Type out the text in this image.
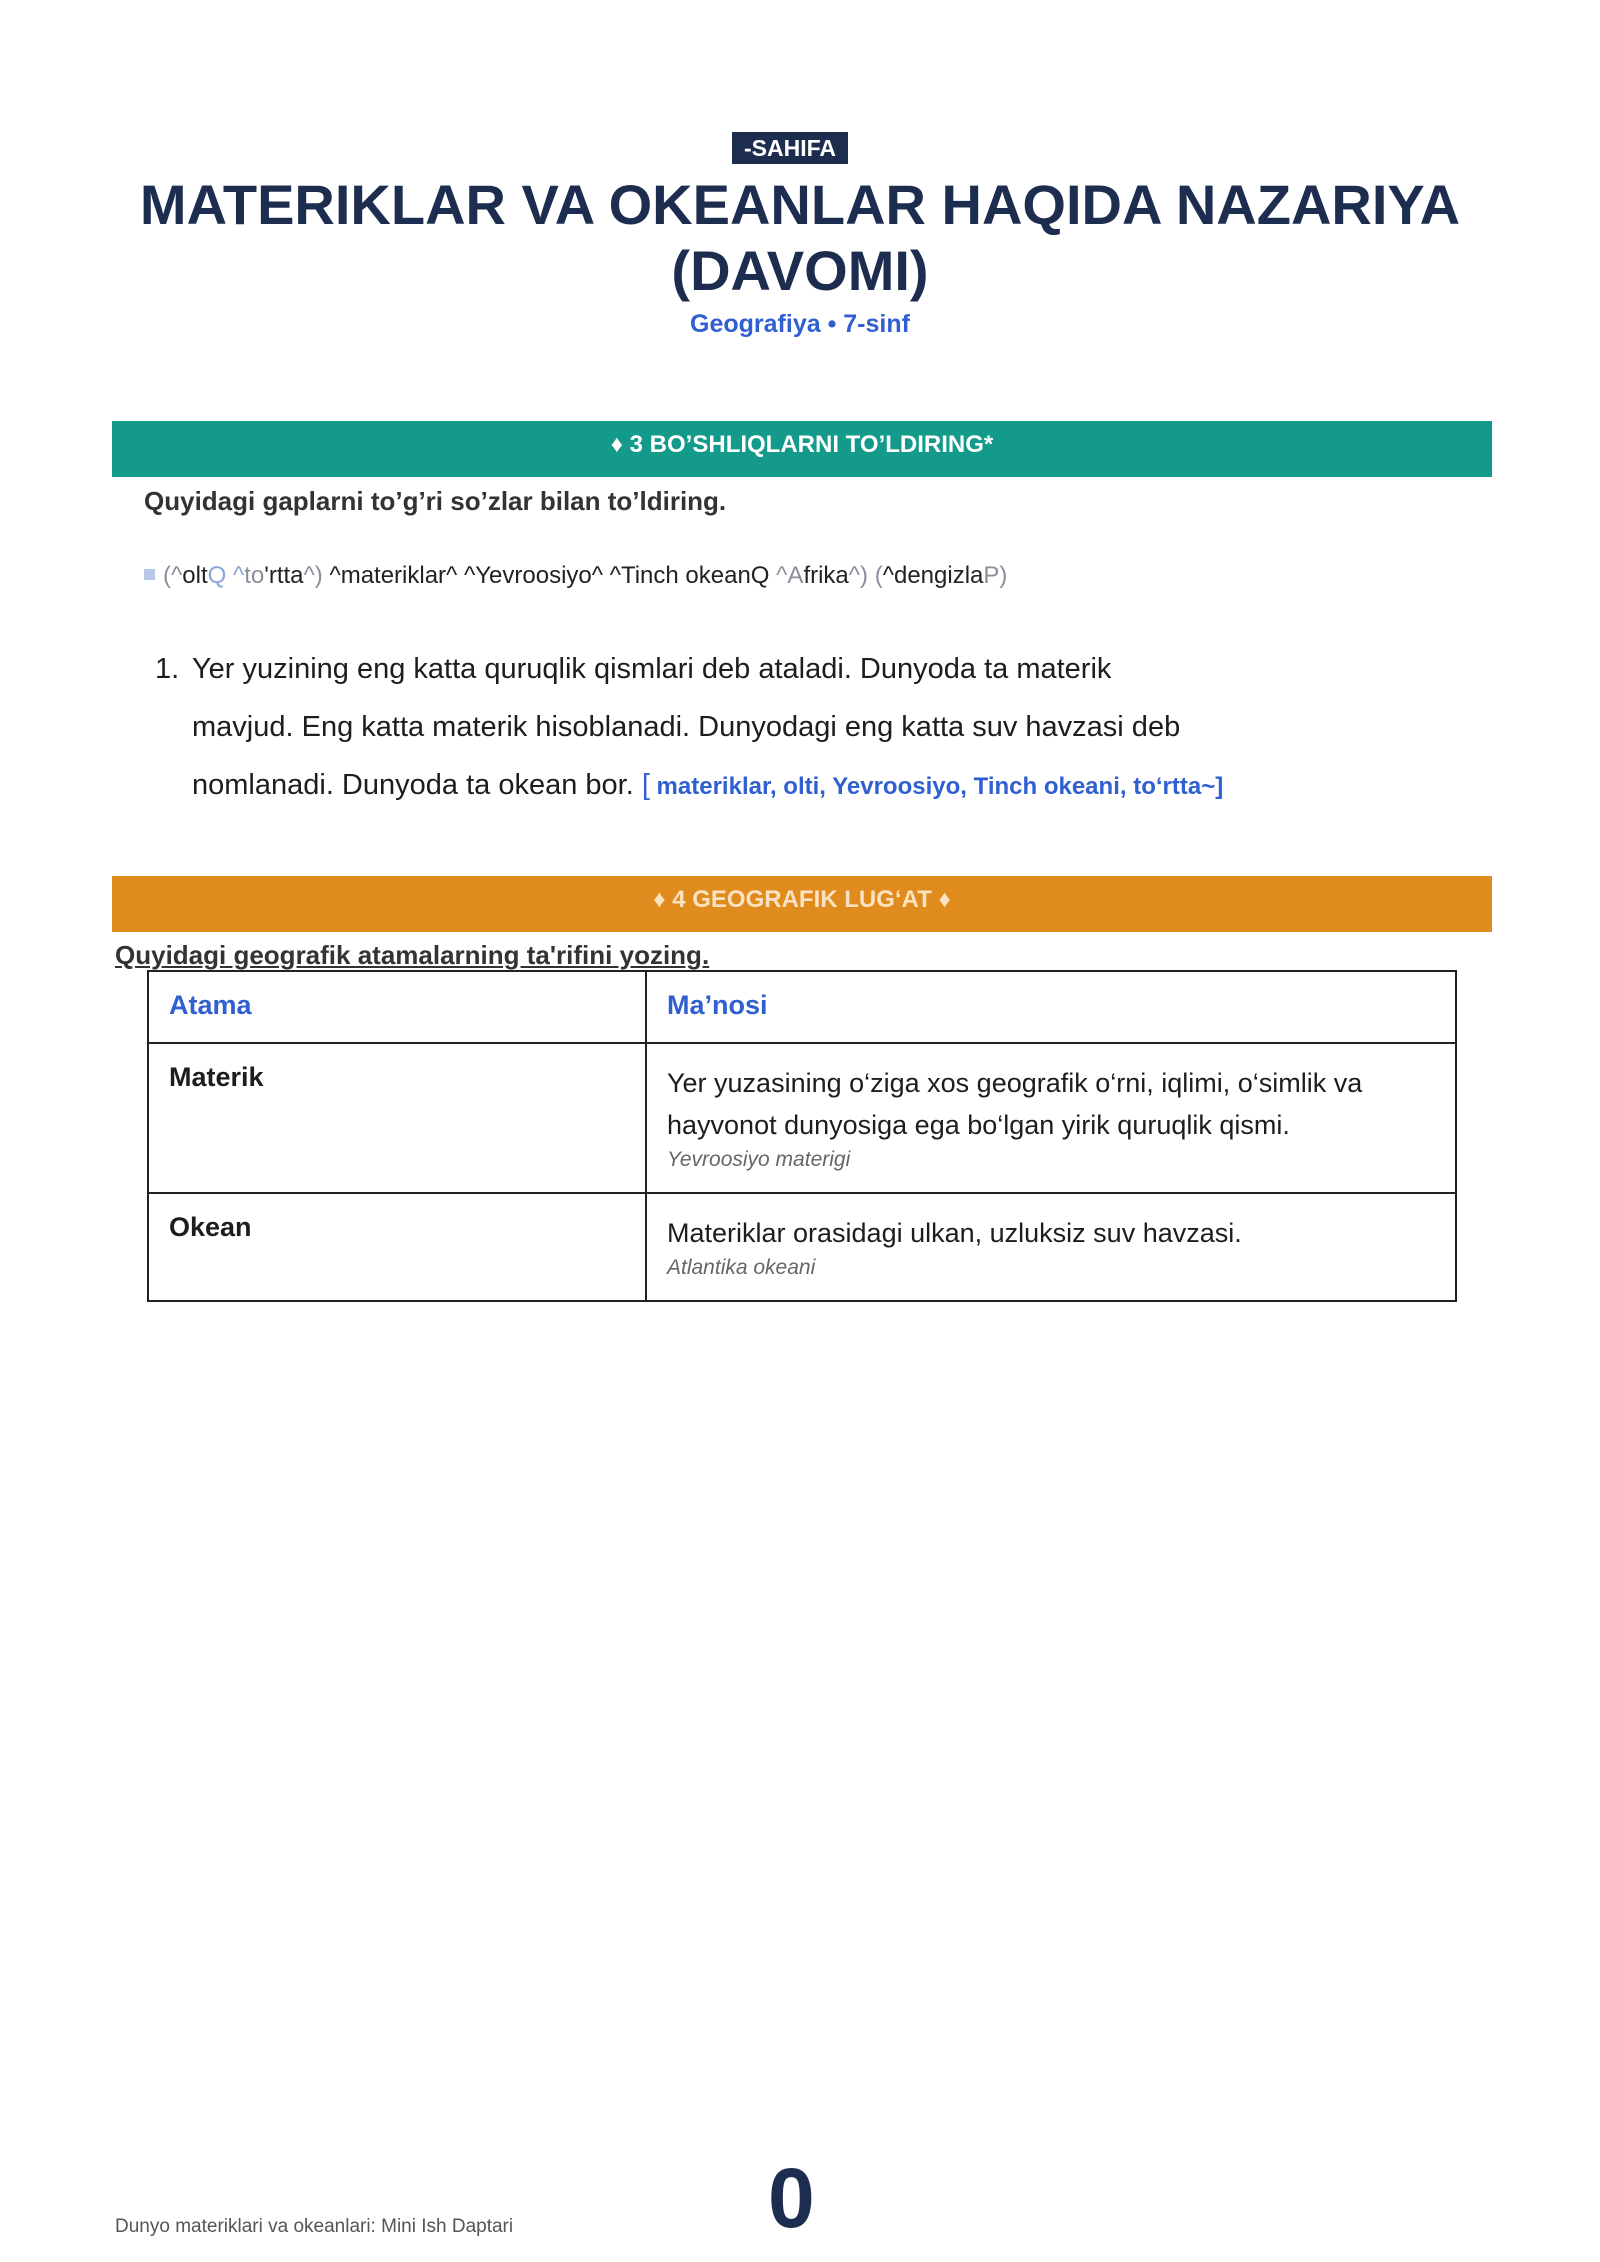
-SAHIFA
MATERIKLAR VA OKEANLAR HAQIDA NAZARIYA
(DAVOMI)
Geografiya • 7-sinf
♦ 3 BO’SHLIQLARNI TO’LDIRING*
Quyidagi gaplarni to’g’ri so’zlar bilan to’ldiring.
(^oltQ ^to'rtta^) ^materiklar^ ^Yevroosiyo^ ^Tinch okeanQ ^Afrika^) (^dengizlaP)
1. Yer yuzining eng katta quruqlik qismlari deb ataladi. Dunyoda ta materik
mavjud. Eng katta materik hisoblanadi. Dunyodagi eng katta suv havzasi deb
nomlanadi. Dunyoda ta okean bor. [ materiklar, olti, Yevroosiyo, Tinch okeani, to‘rtta~]
♦ 4 GEOGRAFIK LUG‘AT ♦
Quyidagi geografik atamalarning ta'rifini yozing.
Atama	Ma’nosi
Materik	Yer yuzasining o‘ziga xos geografik o‘rni, iqlimi, o‘simlik va hayvonot dunyosiga ega bo‘lgan yirik quruqlik qismi.
Yevroosiyo materigi

Okean	Materiklar orasidagi ulkan, uzluksiz suv havzasi.
Atlantika okeani
Dunyo materiklari va okeanlari: Mini Ish Daptari	0
